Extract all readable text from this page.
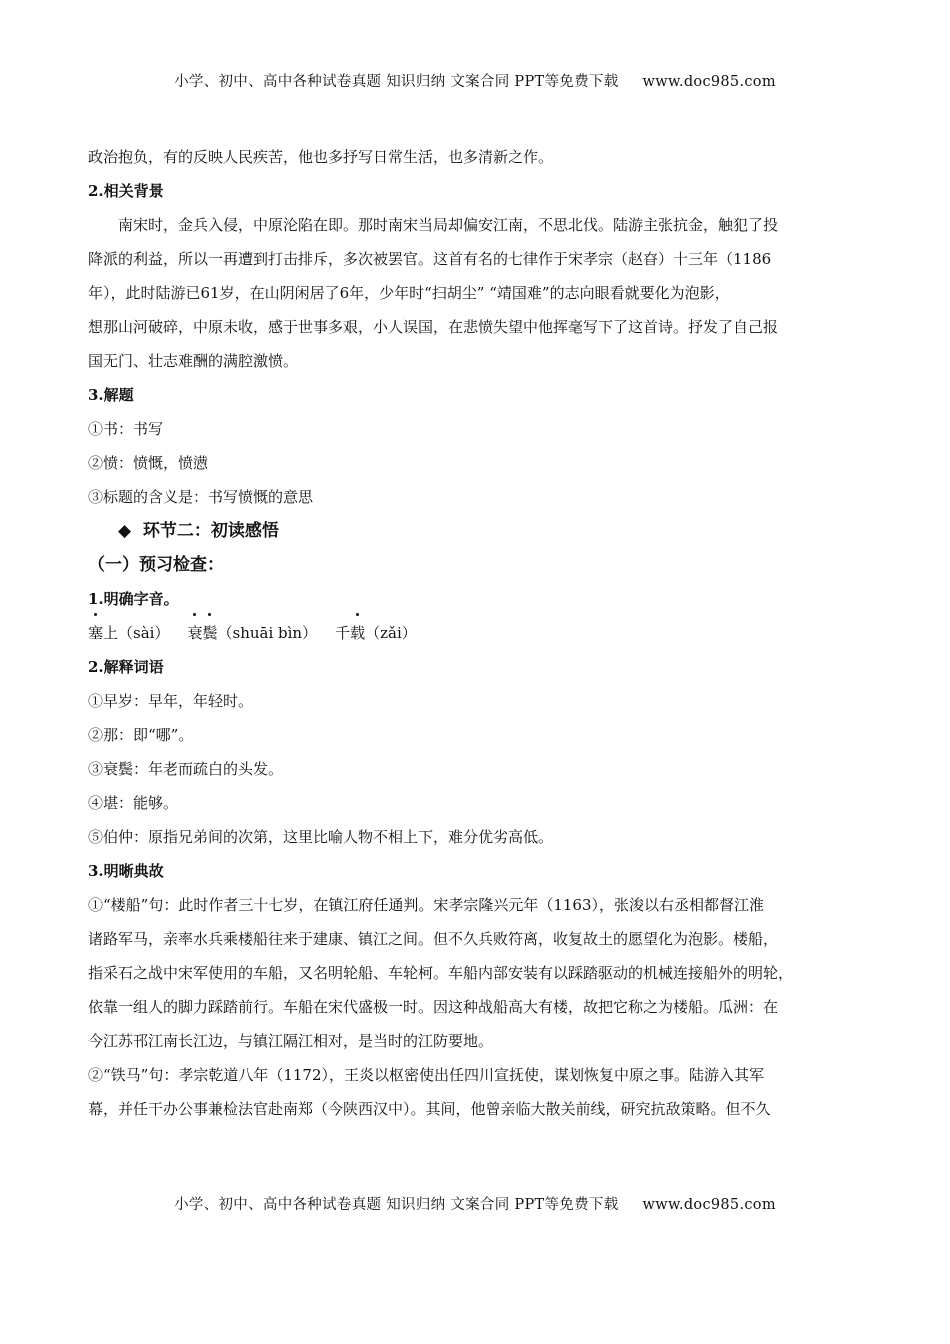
小学、初中、高中各种试卷真题 知识归纳 文案合同 PPT等免费下载 www.doc985.com

政治抱负，有的反映人民疾苦，他也多抒写日常生活，也多清新之作。

2.相关背景

南宋时，金兵入侵，中原沦陷在即。那时南宋当局却偏安江南，不思北伐。陆游主张抗金，触犯了投

降派的利益，所以一再遭到打击排斥，多次被罢官。这首有名的七律作于宋孝宗（赵昚）十三年（1186

年），此时陆游已61岁，在山阴闲居了6年，少年时“扫胡尘” “靖国难”的志向眼看就要化为泡影，

想那山河破碎，中原未收，感于世事多艰，小人误国，在悲愤失望中他挥毫写下了这首诗。抒发了自己报

国无门、壮志难酬的满腔激愤。

3.解题

①书：书写

②愤：愤慨，愤懑

③标题的含义是：书写愤慨的意思

◆ 环节二：初读感悟

（一）预习检查：

1.明确字音。

塞上（sài） 衰鬓（shuāi bìn） 千载（zǎi）

2.解释词语

①早岁：早年，年轻时。

②那：即“哪”。

③衰鬓：年老而疏白的头发。

④堪：能够。

⑤伯仲：原指兄弟间的次第，这里比喻人物不相上下，难分优劣高低。

3.明晰典故

①“楼船”句：此时作者三十七岁，在镇江府任通判。宋孝宗隆兴元年（1163），张浚以右丞相都督江淮

诸路军马，亲率水兵乘楼船往来于建康、镇江之间。但不久兵败符离，收复故土的愿望化为泡影。楼船，

指采石之战中宋军使用的车船，又名明轮船、车轮柯。车船内部安装有以踩踏驱动的机械连接船外的明轮，

依靠一组人的脚力踩踏前行。车船在宋代盛极一时。因这种战船高大有楼，故把它称之为楼船。瓜洲：在

今江苏邗江南长江边，与镇江隔江相对，是当时的江防要地。

②“铁马”句：孝宗乾道八年（1172），王炎以枢密使出任四川宣抚使，谋划恢复中原之事。陆游入其军

幕，并任干办公事兼检法官赴南郑（今陕西汉中）。其间，他曾亲临大散关前线，研究抗敌策略。但不久

小学、初中、高中各种试卷真题 知识归纳 文案合同 PPT等免费下载 www.doc985.com
